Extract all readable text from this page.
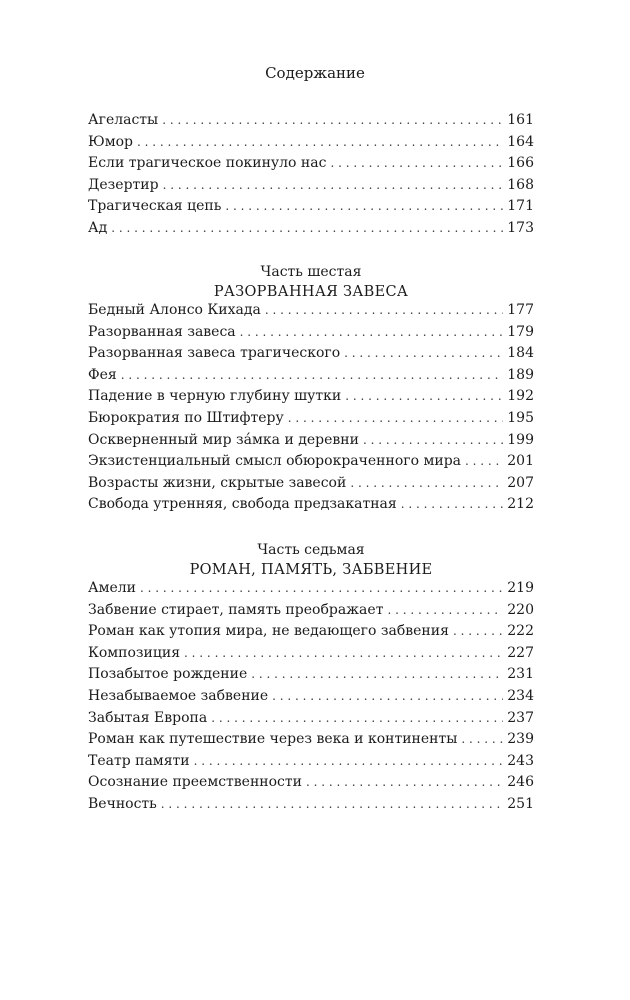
Содержание
Агеласты . . .	161
Юмор . . .	164
Если трагическое покинуло нас . . .	166
Дезертир . . .	168
Трагическая цепь . . .	171
Ад . . .	173
Часть шестая
РАЗОРВАННАЯ ЗАВЕСА
Бедный Алонсо Кихада . . .	177
Разорванная завеса . . .	179
Разорванная завеса трагического . . .	184
Фея . . .	189
Падение в черную глубину шутки . . .	192
Бюрократия по Штифтеру . . .	195
Оскверненный мир зáмка и деревни . . .	199
Экзистенциальный смысл обюрокраченного мира . . .	201
Возрасты жизни, скрытые завесой . . .	207
Свобода утренняя, свобода предзакатная . . .	212
Часть седьмая
РОМАН, ПАМЯТЬ, ЗАБВЕНИЕ
Амели . . .	219
Забвение стирает, память преображает . . .	220
Роман как утопия мира, не ведающего забвения . . .	222
Композиция . . .	227
Позабытое рождение . . .	231
Незабываемое забвение . . .	234
Забытая Европа . . .	237
Роман как путешествие через века и континенты . . .	239
Театр памяти . . .	243
Осознание преемственности . . .	246
Вечность . . .	251
